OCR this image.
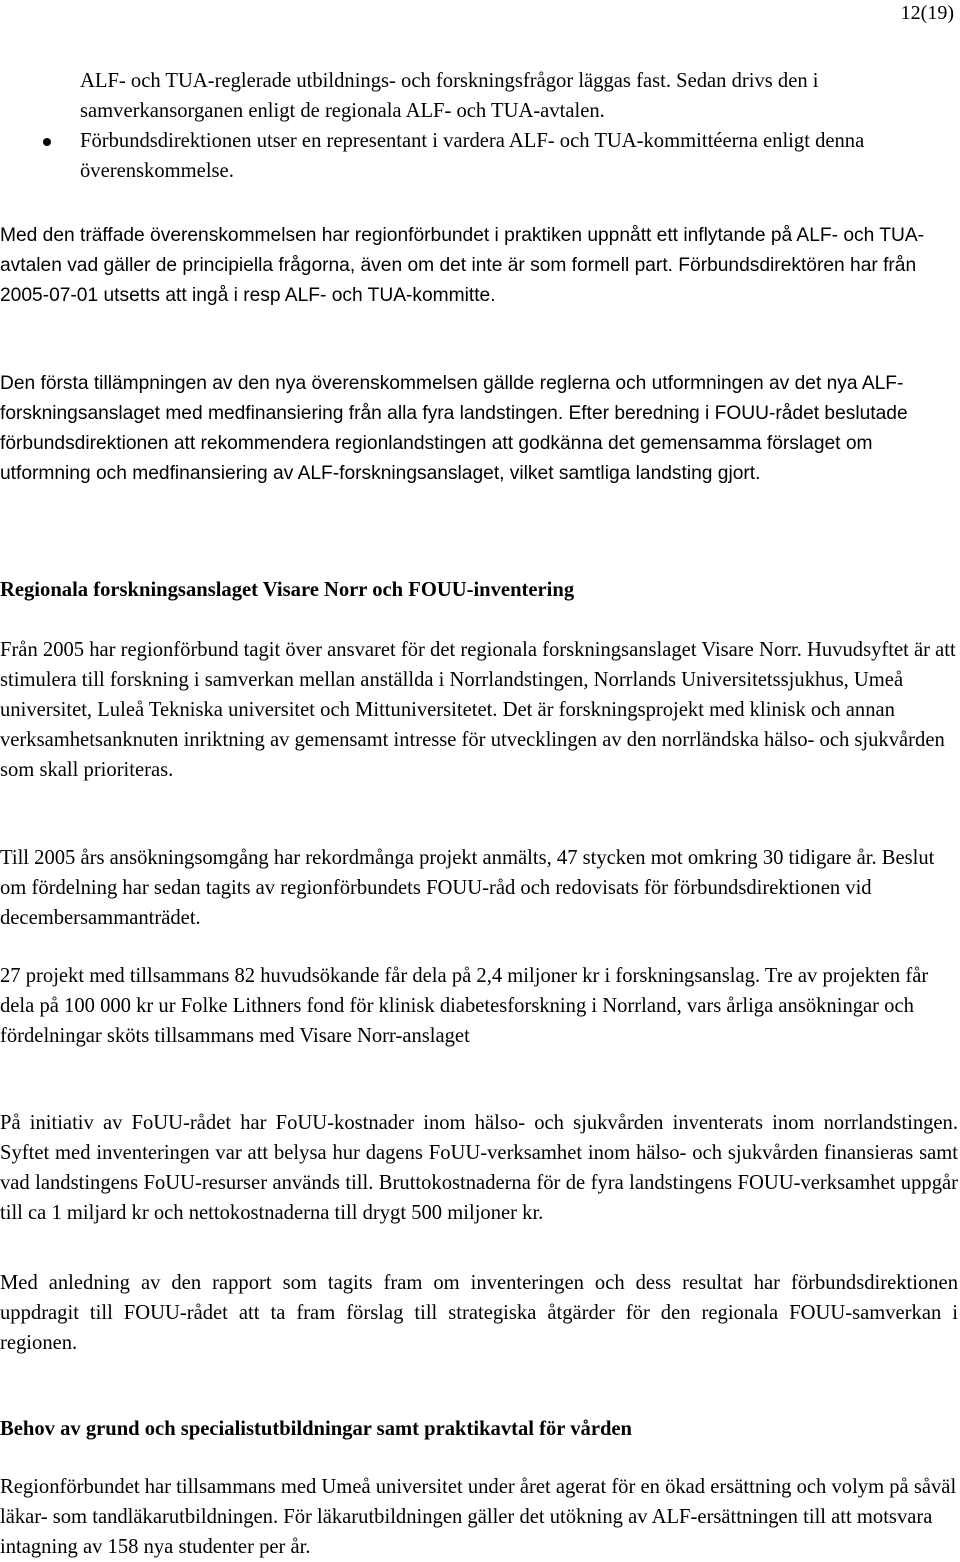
12(19)
ALF- och TUA-reglerade utbildnings- och forskningsfrågor läggas fast. Sedan drivs den i samverkansorganen enligt de regionala ALF- och TUA-avtalen.
Förbundsdirektionen utser en representant i vardera ALF- och TUA-kommittéerna enligt denna överenskommelse.

Med den träffade överenskommelsen har regionförbundet i praktiken uppnått ett inflytande på ALF- och TUA-avtalen vad gäller de principiella frågorna, även om det inte är som formell part. Förbundsdirektören har från 2005-07-01 utsetts att ingå i resp ALF- och TUA-kommitte.

Den första tillämpningen av den nya överenskommelsen gällde reglerna och utformningen av det nya ALF-forskningsanslaget med medfinansiering från alla fyra landstingen. Efter beredning i FOUU-rådet beslutade förbundsdirektionen att rekommendera regionlandstingen att godkänna det gemensamma förslaget om utformning och medfinansiering av ALF-forskningsanslaget, vilket samtliga landsting gjort.

Regionala forskningsanslaget Visare Norr och FOUU-inventering

Från 2005 har regionförbund tagit över ansvaret för det regionala forskningsanslaget Visare Norr. Huvudsyftet är att stimulera till forskning i samverkan mellan anställda i Norrlandstingen, Norrlands Universitetssjukhus, Umeå universitet, Luleå Tekniska universitet och Mittuniversitetet. Det är forskningsprojekt med klinisk och annan verksamhetsanknuten inriktning av gemensamt intresse för utvecklingen av den norrländska hälso- och sjukvården som skall prioriteras.

Till 2005 års ansökningsomgång har rekordmånga projekt anmälts, 47 stycken mot omkring 30 tidigare år. Beslut om fördelning har sedan tagits av regionförbundets FOUU-råd och redovisats för förbundsdirektionen vid decembersammanträdet.

27 projekt med tillsammans 82 huvudsökande får dela på 2,4 miljoner kr i forskningsanslag. Tre av projekten får dela på 100 000 kr ur Folke Lithners fond för klinisk diabetesforskning i Norrland, vars årliga ansökningar och fördelningar sköts tillsammans med Visare Norr-anslaget

På initiativ av FoUU-rådet har FoUU-kostnader inom hälso- och sjukvården inventerats inom norrlandstingen. Syftet med inventeringen var att belysa hur dagens FoUU-verksamhet inom hälso- och sjukvården finansieras samt vad landstingens FoUU-resurser används till. Bruttokostnaderna för de fyra landstingens FOUU-verksamhet uppgår till ca 1 miljard kr och nettokostnaderna till drygt 500 miljoner kr.

Med anledning av den rapport som tagits fram om inventeringen och dess resultat har förbundsdirektionen uppdragit till FOUU-rådet att ta fram förslag till strategiska åtgärder för den regionala FOUU-samverkan i regionen.

Behov av grund och specialistutbildningar samt praktikavtal för vården

Regionförbundet har tillsammans med Umeå universitet under året agerat för en ökad ersättning och volym på såväl läkar- som tandläkarutbildningen. För läkarutbildningen gäller det utökning av ALF-ersättningen till att motsvara intagning av 158 nya studenter per år.
